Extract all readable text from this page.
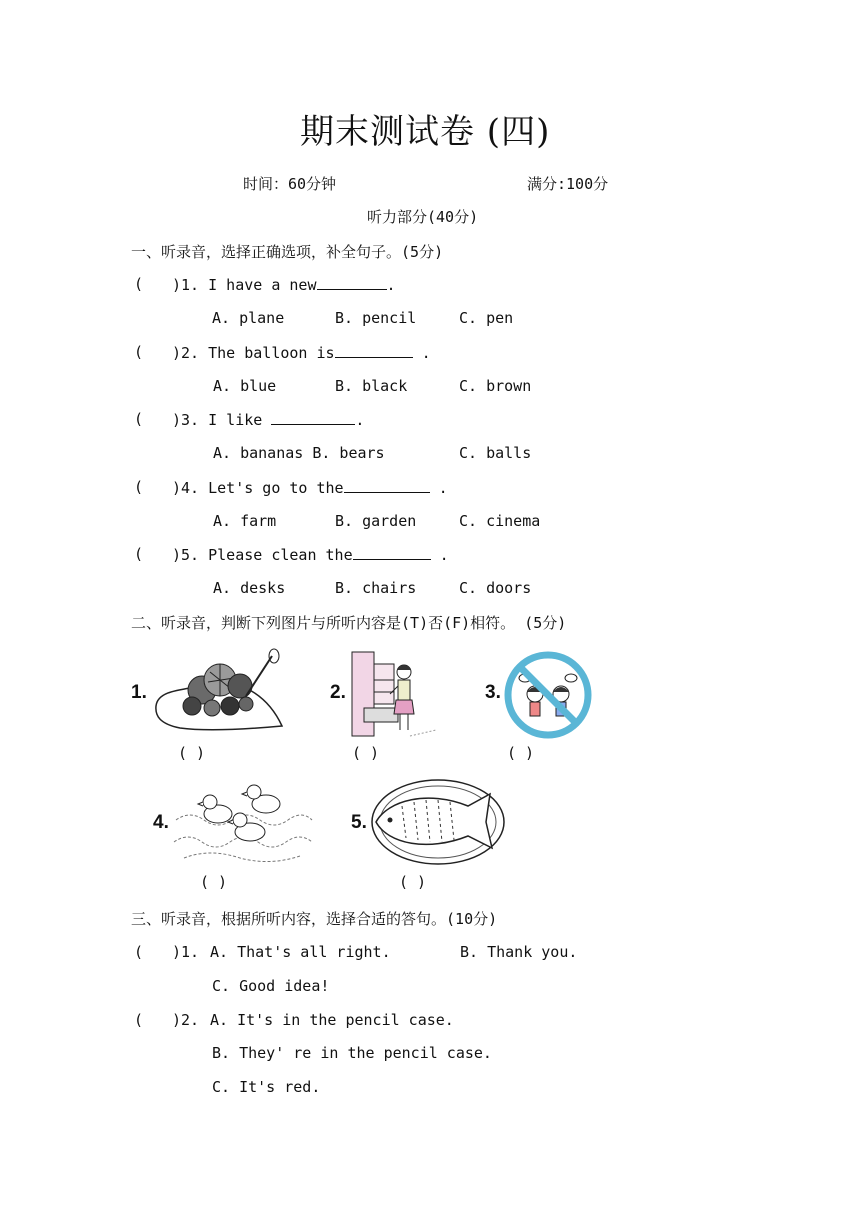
期末测试卷 (四)
时间：60分钟	满分:100分
听力部分(40分)
一、听录音，选择正确选项，补全句子。(5分)
( )1. I have a new	.
A. plane	B. pencil	C. pen
( )2. The balloon is	.
A. blue	B. black	C. brown
( )3. I like	.
A. bananas B. bears	C. balls
( )4. Let's go to the	.
A. farm	B. garden	C. cinema
( )5. Please clean the	.
A. desks	B. chairs	C. doors
二、听录音，判断下列图片与所听内容是(T)否(F)相符。 (5分)
1.
( )
2.
( )
3.
( )
4.
( )
5.
( )
三、听录音，根据所听内容，选择合适的答句。(10分)
( )1. A. That's all right.	B. Thank you.
C. Good idea!
( )2. A. It's in the pencil case.
B. They' re in the pencil case.
C. It's red.
